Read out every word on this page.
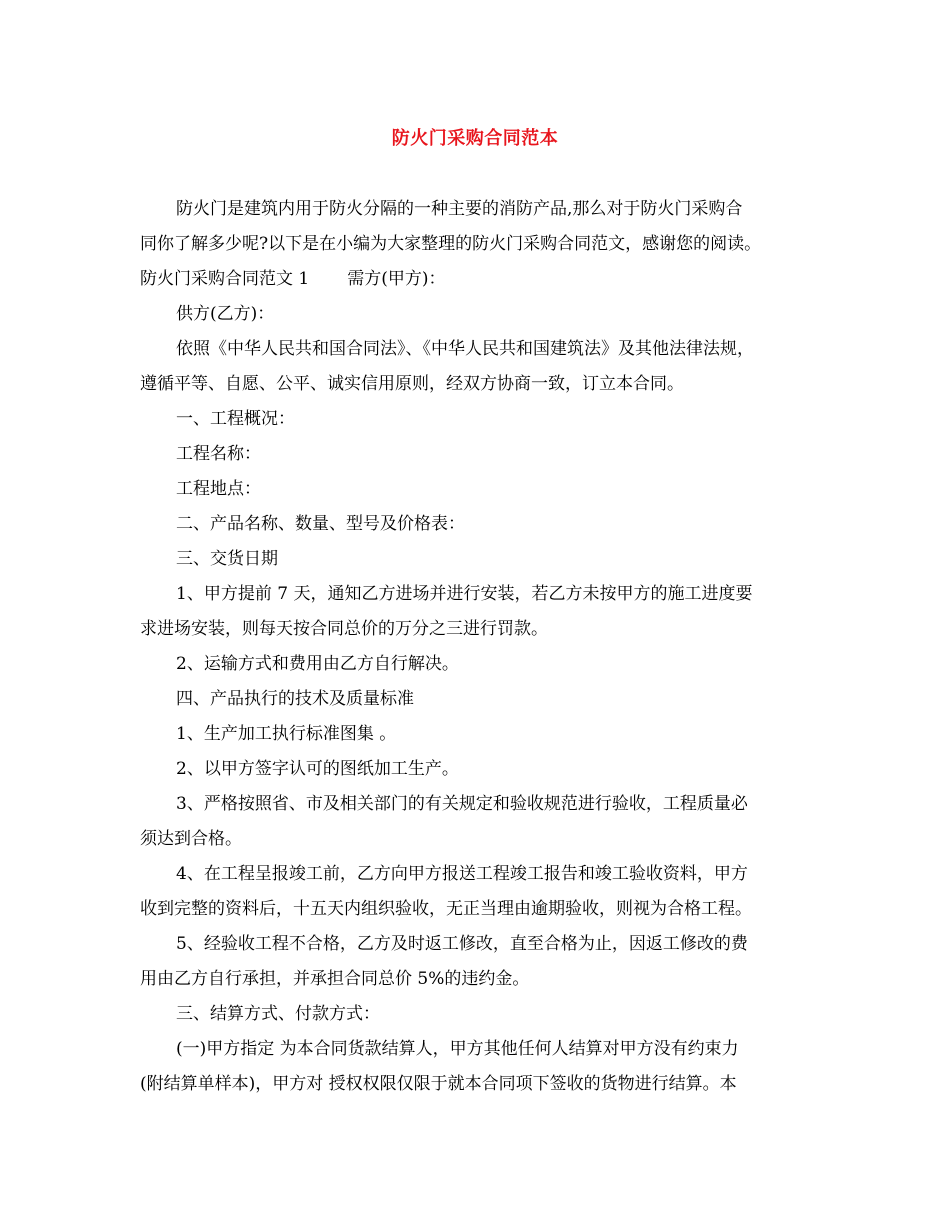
防火门采购合同范本

防火门是建筑内用于防火分隔的一种主要的消防产品,那么对于防火门采购合

同你了解多少呢?以下是在小编为大家整理的防火门采购合同范文，感谢您的阅读。

防火门采购合同范文 1 需方(甲方)：

供方(乙方)：

依照《中华人民共和国合同法》、《中华人民共和国建筑法》及其他法律法规，

遵循平等、自愿、公平、诚实信用原则，经双方协商一致，订立本合同。

一、工程概况：

工程名称：

工程地点：

二、产品名称、数量、型号及价格表：

三、交货日期

1、甲方提前 7 天，通知乙方进场并进行安装，若乙方未按甲方的施工进度要

求进场安装，则每天按合同总价的万分之三进行罚款。

2、运输方式和费用由乙方自行解决。

四、产品执行的技术及质量标准

1、生产加工执行标准图集 。

2、以甲方签字认可的图纸加工生产。

3、严格按照省、市及相关部门的有关规定和验收规范进行验收，工程质量必

须达到合格。

4、在工程呈报竣工前，乙方向甲方报送工程竣工报告和竣工验收资料，甲方

收到完整的资料后，十五天内组织验收，无正当理由逾期验收，则视为合格工程。

5、经验收工程不合格，乙方及时返工修改，直至合格为止，因返工修改的费

用由乙方自行承担，并承担合同总价 5%的违约金。

三、结算方式、付款方式：

(一)甲方指定 为本合同货款结算人，甲方其他任何人结算对甲方没有约束力

(附结算单样本)，甲方对 授权权限仅限于就本合同项下签收的货物进行结算。本
